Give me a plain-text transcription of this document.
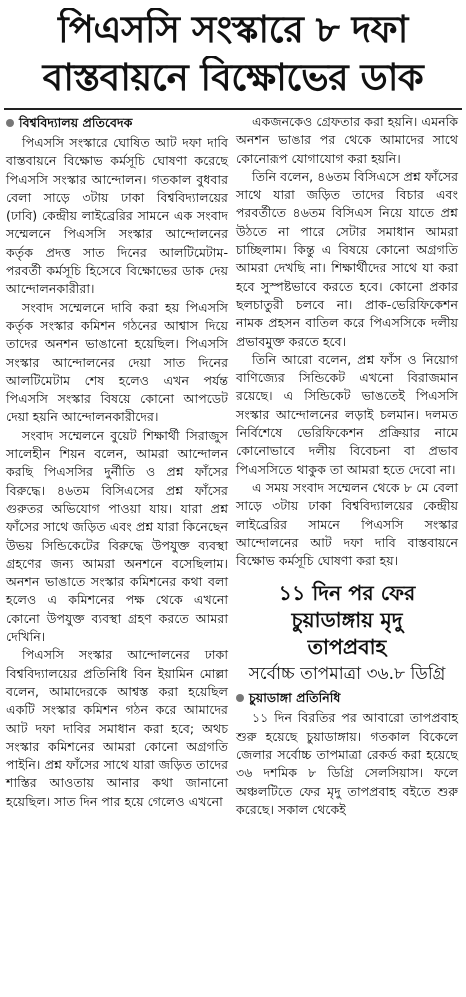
পিএসসি সংস্কারে ৮ দফা
বাস্তবায়নে বিক্ষোভের ডাক
বিশ্ববিদ্যালয় প্রতিবেদক

পিএসসি সংস্কারে ঘোষিত আট দফা দাবি বাস্তবায়নে বিক্ষোভ কর্মসূচি ঘোষণা করেছে পিএসসি সংস্কার আন্দোলন। গতকাল বুধবার বেলা সাড়ে ৩টায় ঢাকা বিশ্ববিদ্যালয়ের (ঢাবি) কেন্দ্রীয় লাইব্রেরির সামনে এক সংবাদ সম্মেলনে পিএসসি সংস্কার আন্দোলনের কর্তৃক প্রদত্ত সাত দিনের আলটিমেটাম-পরবর্তী কর্মসূচি হিসেবে বিক্ষোভের ডাক দেয় আন্দোলনকারীরা।

সংবাদ সম্মেলনে দাবি করা হয় পিএসসি কর্তৃক সংস্কার কমিশন গঠনের আশ্বাস দিয়ে তাদের অনশন ভাঙানো হয়েছিল। পিএসসি সংস্কার আন্দোলনের দেয়া সাত দিনের আলটিমেটাম শেষ হলেও এখন পর্যন্ত পিএসসি সংস্কার বিষয়ে কোনো আপডেট দেয়া হয়নি আন্দোলনকারীদের।

সংবাদ সম্মেলনে বুয়েট শিক্ষার্থী সিরাজুস সালেহীন শিয়ন বলেন, আমরা আন্দোলন করছি পিএসসির দুর্নীতি ও প্রশ্ন ফাঁসের বিরুদ্ধে। ৪৬তম বিসিএসের প্রশ্ন ফাঁসের গুরুতর অভিযোগ পাওয়া যায়। যারা প্রশ্ন ফাঁসের সাথে জড়িত এবং প্রশ্ন যারা কিনেছেন উভয় সিন্ডিকেটের বিরুদ্ধে উপযুক্ত ব্যবস্থা গ্রহণের জন্য আমরা অনশনে বসেছিলাম। অনশন ভাঙাতে সংস্কার কমিশনের কথা বলা হলেও এ কমিশনের পক্ষ থেকে এখনো কোনো উপযুক্ত ব্যবস্থা গ্রহণ করতে আমরা দেখিনি।

পিএসসি সংস্কার আন্দোলনের ঢাকা বিশ্ববিদ্যালয়ের প্রতিনিধি বিন ইয়ামিন মোল্লা বলেন, আমাদেরকে আশ্বস্ত করা হয়েছিল একটি সংস্কার কমিশন গঠন করে আমাদের আট দফা দাবির সমাধান করা হবে; অথচ সংস্কার কমিশনের আমরা কোনো অগ্রগতি পাইনি। প্রশ্ন ফাঁসের সাথে যারা জড়িত তাদের শাস্তির আওতায় আনার কথা জানানো হয়েছিল। সাত দিন পার হয়ে গেলেও এখনো

একজনকেও গ্রেফতার করা হয়নি। এমনকি অনশন ভাঙার পর থেকে আমাদের সাথে কোনোরূপ যোগাযোগ করা হয়নি।

তিনি বলেন, ৪৬তম বিসিএসে প্রশ্ন ফাঁসের সাথে যারা জড়িত তাদের বিচার এবং পরবর্তীতে ৪৬তম বিসিএস নিয়ে যাতে প্রশ্ন উঠতে না পারে সেটার সমাধান আমরা চাচ্ছিলাম। কিন্তু এ বিষয়ে কোনো অগ্রগতি আমরা দেখছি না। শিক্ষার্থীদের সাথে যা করা হবে সুস্পষ্টভাবে করতে হবে। কোনো প্রকার ছলচাতুরী চলবে না। প্রাক-ভেরিফিকেশন নামক প্রহসন বাতিল করে পিএসসিকে দলীয় প্রভাবমুক্ত করতে হবে।

তিনি আরো বলেন, প্রশ্ন ফাঁস ও নিয়োগ বাণিজ্যের সিন্ডিকেট এখনো বিরাজমান রয়েছে। এ সিন্ডিকেট ভাঙতেই পিএসসি সংস্কার আন্দোলনের লড়াই চলমান। দলমত নির্বিশেষে ভেরিফিকেশন প্রক্রিয়ার নামে কোনোভাবে দলীয় বিবেচনা বা প্রভাব পিএসসিতে থাকুক তা আমরা হতে দেবো না।

এ সময় সংবাদ সম্মেলন থেকে ৮ মে বেলা সাড়ে ৩টায় ঢাকা বিশ্ববিদ্যালয়ের কেন্দ্রীয় লাইব্রেরির সামনে পিএসসি সংস্কার আন্দোলনের আট দফা দাবি বাস্তবায়নে বিক্ষোভ কর্মসূচি ঘোষণা করা হয়।

১১ দিন পর ফের
চুয়াডাঙ্গায় মৃদু
তাপপ্রবাহ
সর্বোচ্চ তাপমাত্রা ৩৬.৮ ডিগ্রি
চুয়াডাঙ্গা প্রতিনিধি

১১ দিন বিরতির পর আবারো তাপপ্রবাহ শুরু হয়েছে চুয়াডাঙ্গায়। গতকাল বিকেলে জেলার সর্বোচ্চ তাপমাত্রা রেকর্ড করা হয়েছে ৩৬ দশমিক ৮ ডিগ্রি সেলসিয়াস। ফলে অঞ্চলটিতে ফের মৃদু তাপপ্রবাহ বইতে শুরু করেছে। সকাল থেকেই
